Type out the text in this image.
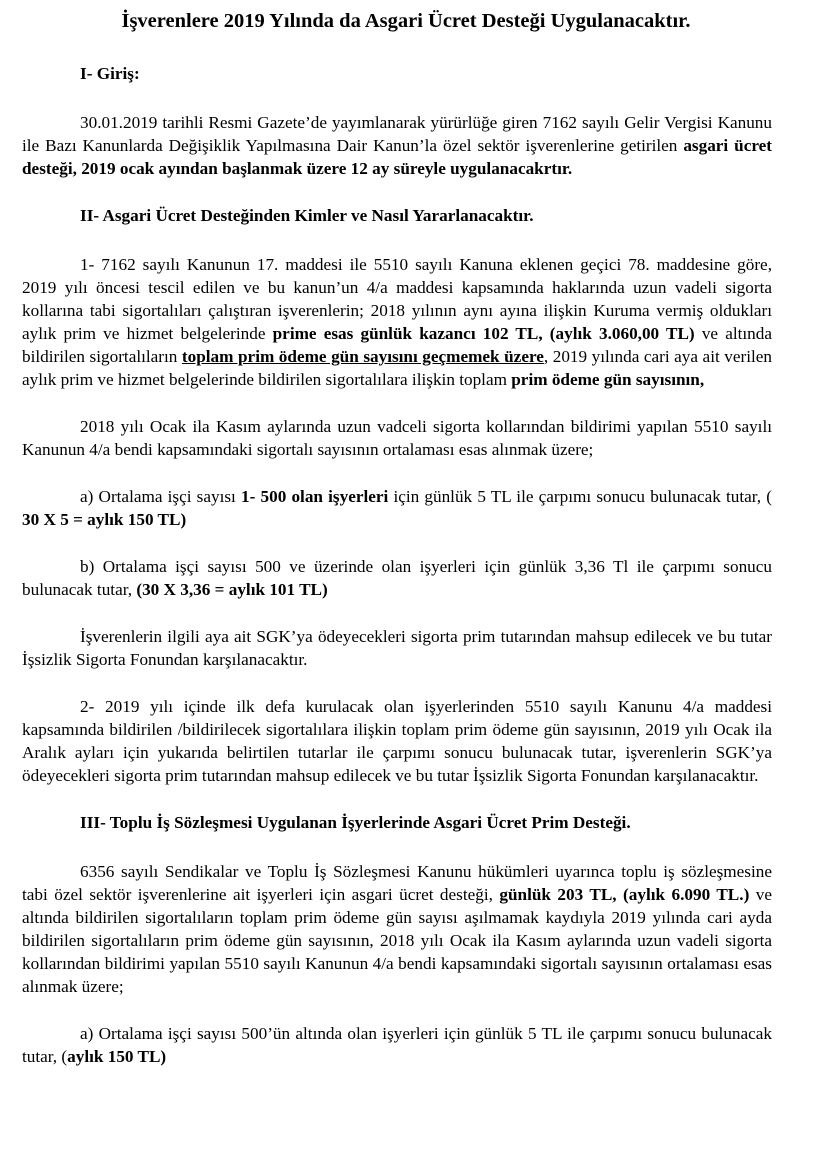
İşverenlere 2019 Yılında da Asgari Ücret Desteği Uygulanacaktır.
I- Giriş:

30.01.2019 tarihli Resmi Gazete’de yayımlanarak yürürlüğe giren 7162 sayılı Gelir Vergisi Kanunu ile Bazı Kanunlarda Değişiklik Yapılmasına Dair Kanun’la özel sektör işverenlerine getirilen asgari ücret desteği, 2019 ocak ayından başlanmak üzere 12 ay süreyle uygulanacakrtır.

II- Asgari Ücret Desteğinden Kimler ve Nasıl Yararlanacaktır.

1- 7162 sayılı Kanunun 17. maddesi ile 5510 sayılı Kanuna eklenen geçici 78. maddesine göre, 2019 yılı öncesi tescil edilen ve bu kanun’un 4/a maddesi kapsamında haklarında uzun vadeli sigorta kollarına tabi sigortalıları çalıştıran işverenlerin; 2018 yılının aynı ayına ilişkin Kuruma vermiş oldukları aylık prim ve hizmet belgelerinde prime esas günlük kazancı 102 TL, (aylık 3.060,00 TL) ve altında bildirilen sigortalıların toplam prim ödeme gün sayısını geçmemek üzere, 2019 yılında cari aya ait verilen aylık prim ve hizmet belgelerinde bildirilen sigortalılara ilişkin toplam prim ödeme gün sayısının,

2018 yılı Ocak ila Kasım aylarında uzun vadceli sigorta kollarından bildirimi yapılan 5510 sayılı Kanunun 4/a bendi kapsamındaki sigortalı sayısının ortalaması esas alınmak üzere;

a) Ortalama işçi sayısı 1- 500 olan işyerleri için günlük 5 TL ile çarpımı sonucu bulunacak tutar, ( 30 X 5 = aylık 150 TL)

b) Ortalama işçi sayısı 500 ve üzerinde olan işyerleri için günlük 3,36 Tl ile çarpımı sonucu bulunacak tutar, (30 X 3,36 = aylık 101 TL)

İşverenlerin ilgili aya ait SGK’ya ödeyecekleri sigorta prim tutarından mahsup edilecek ve bu tutar İşsizlik Sigorta Fonundan karşılanacaktır.

2- 2019 yılı içinde ilk defa kurulacak olan işyerlerinden 5510 sayılı Kanunu 4/a maddesi kapsamında bildirilen /bildirilecek sigortalılara ilişkin toplam prim ödeme gün sayısının, 2019 yılı Ocak ila Aralık ayları için yukarıda belirtilen tutarlar ile çarpımı sonucu bulunacak tutar, işverenlerin SGK’ya ödeyecekleri sigorta prim tutarından mahsup edilecek ve bu tutar İşsizlik Sigorta Fonundan karşılanacaktır.

III- Toplu İş Sözleşmesi Uygulanan İşyerlerinde Asgari Ücret Prim Desteği.

6356 sayılı Sendikalar ve Toplu İş Sözleşmesi Kanunu hükümleri uyarınca toplu iş sözleşmesine tabi özel sektör işverenlerine ait işyerleri için asgari ücret desteği, günlük 203 TL, (aylık 6.090 TL.) ve altında bildirilen sigortalıların toplam prim ödeme gün sayısı aşılmamak kaydıyla 2019 yılında cari ayda bildirilen sigortalıların prim ödeme gün sayısının, 2018 yılı Ocak ila Kasım aylarında uzun vadeli sigorta kollarından bildirimi yapılan 5510 sayılı Kanunun 4/a bendi kapsamındaki sigortalı sayısının ortalaması esas alınmak üzere;

a) Ortalama işçi sayısı 500’ün altında olan işyerleri için günlük 5 TL ile çarpımı sonucu bulunacak tutar, (aylık 150 TL)
